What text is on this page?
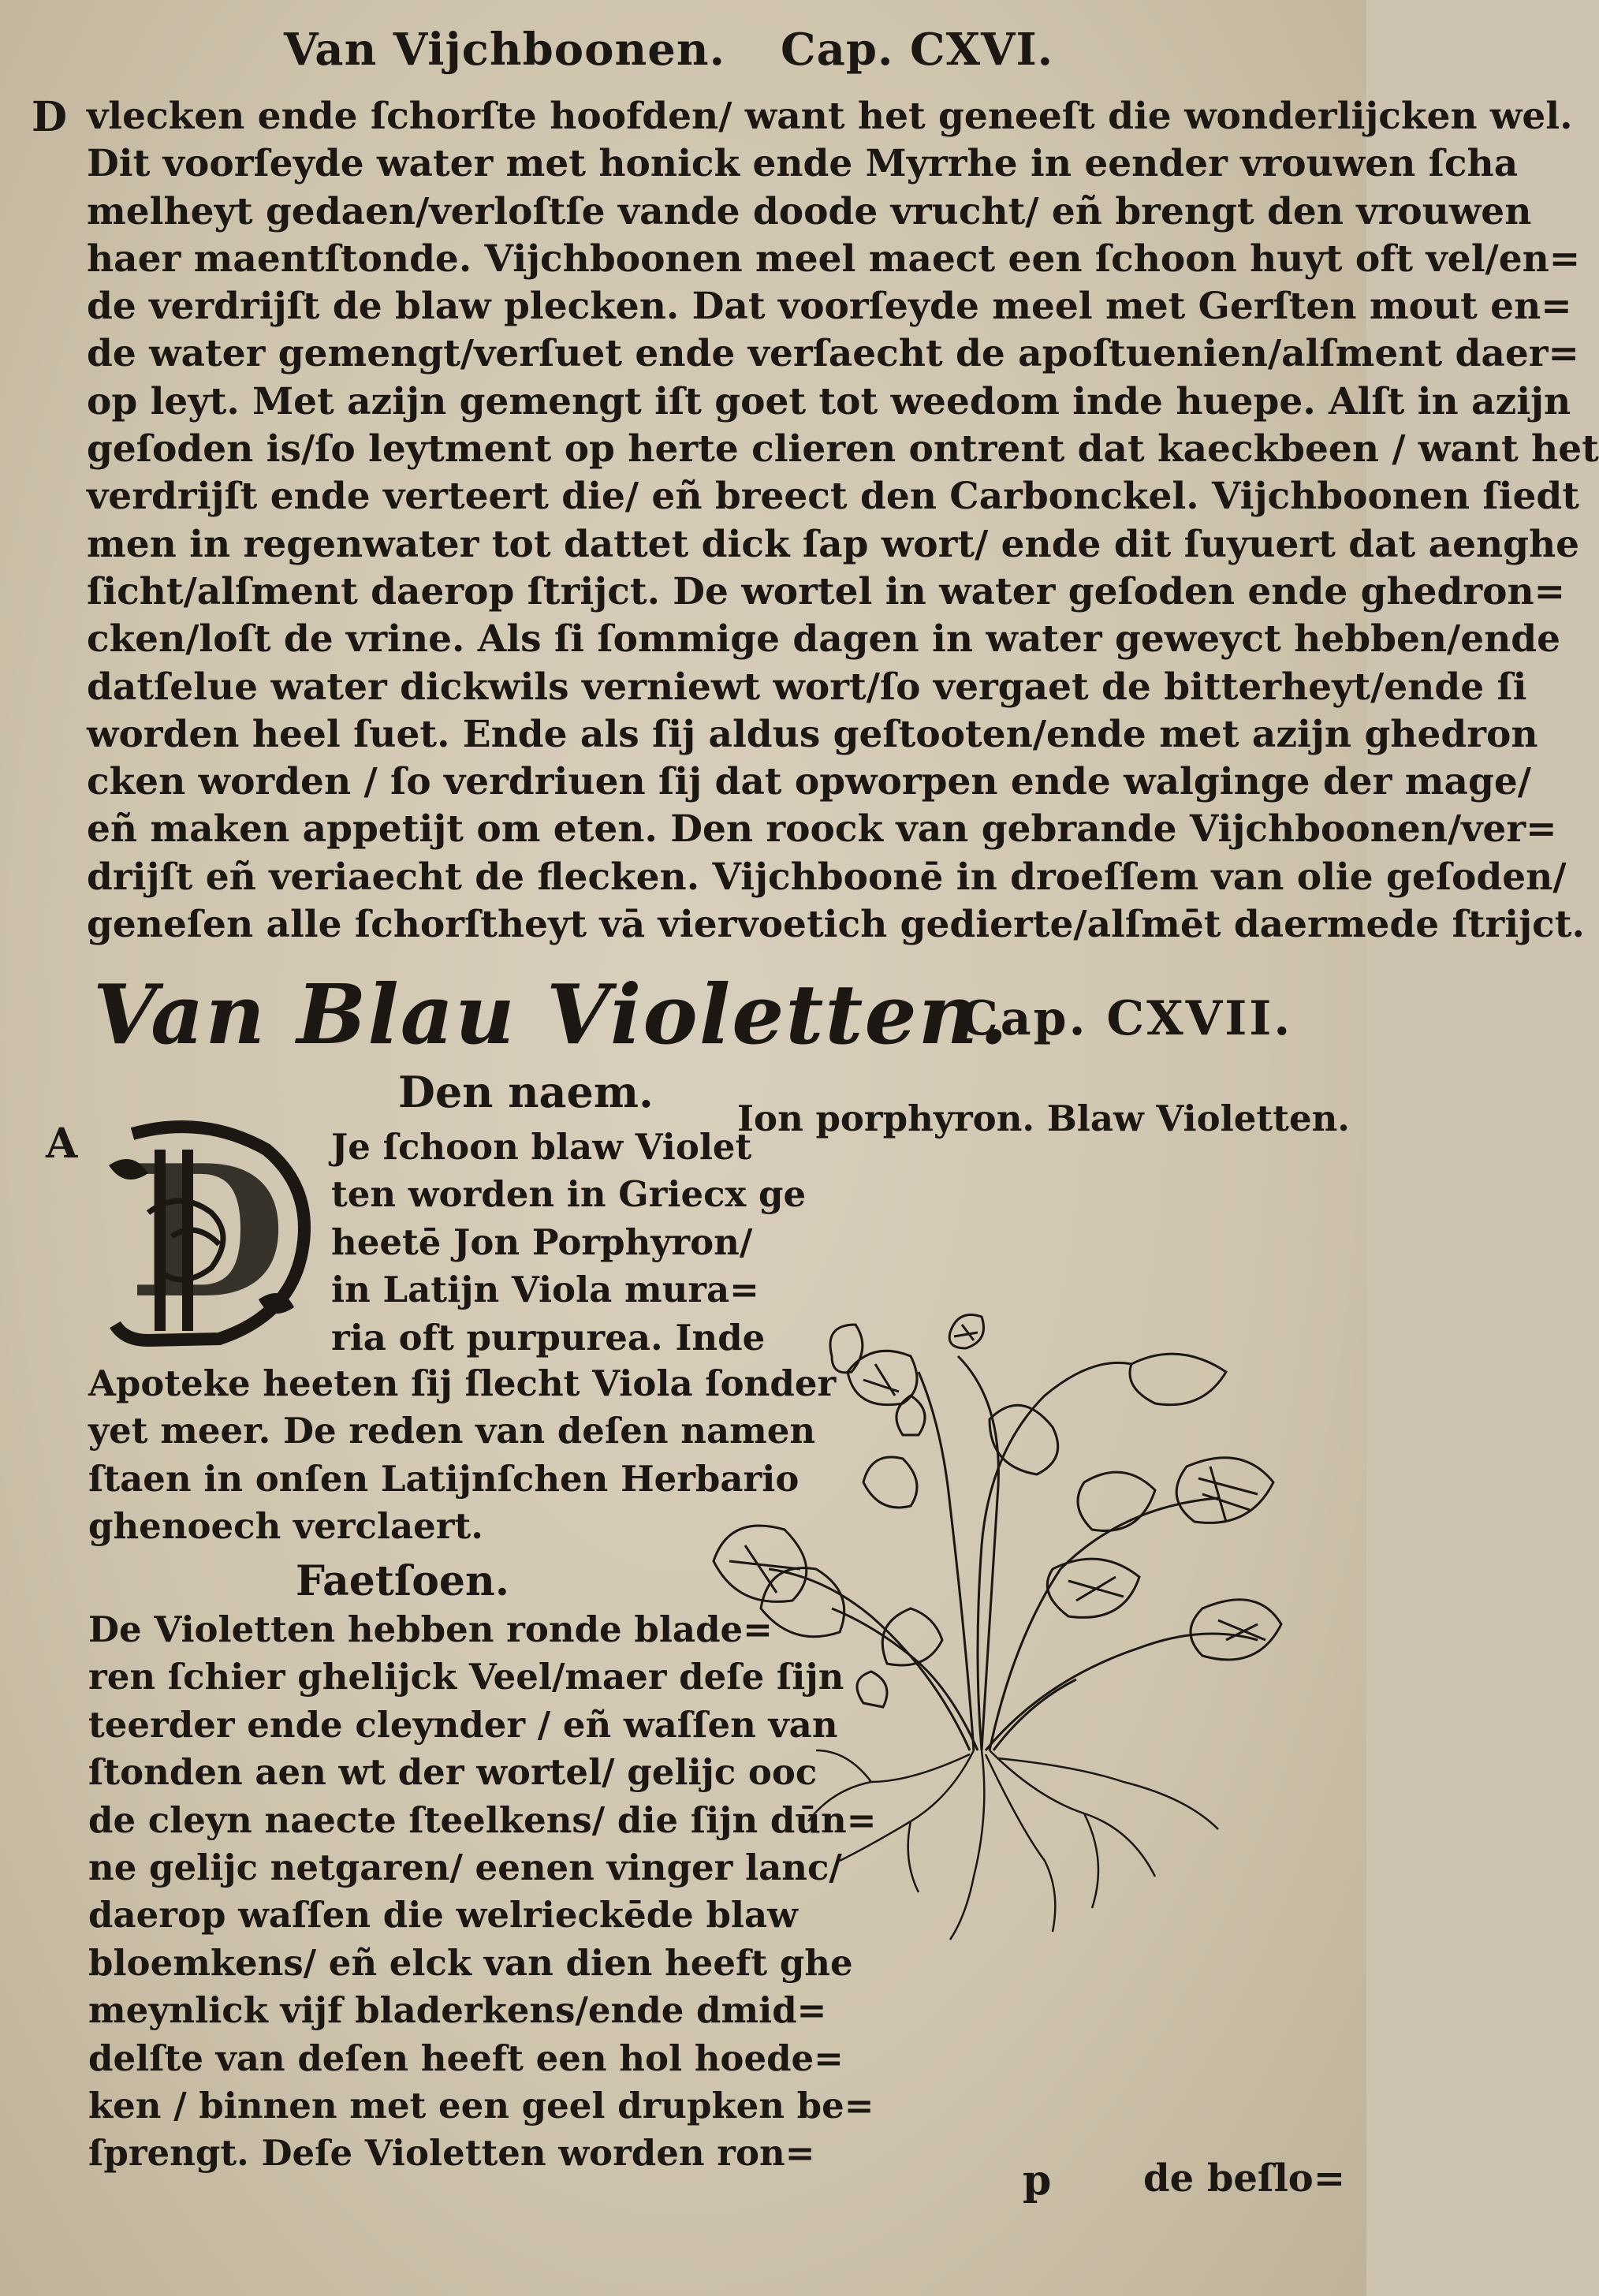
Van Vijchboonen. Cap. CXVI.
D vlecken ende ſchorſte hoofden/ want het geneeſt die wonderlijcken wel.
Dit voorſeyde water met honick ende Myrrhe in eender vrouwen ſcha
melheyt gedaen/verloſtſe vande doode vrucht/ eñ brengt den vrouwen
haer maentſtonde. Vijchboonen meel maect een ſchoon huyt oft vel/en=
de verdrijſt de blaw plecken. Dat voorſeyde meel met Gerſten mout en=
de water gemengt/verſuet ende verſaecht de apoſtuenien/alſment daer=
op leyt. Met azijn gemengt iſt goet tot weedom inde huepe. Alſt in azijn
geſoden is/ſo leytment op herte clieren ontrent dat kaeckbeen / want het
verdrijſt ende verteert die/ eñ breect den Carbonckel. Vijchboonen ſiedt
men in regenwater tot dattet dick ſap wort/ ende dit ſuyuert dat aenghe
ſicht/alſment daerop ſtrijct. De wortel in water geſoden ende ghedron=
cken/loſt de vrine. Als ſi ſommige dagen in water geweyct hebben/ende
datſelue water dickwils verniewt wort/ſo vergaet de bitterheyt/ende ſi
worden heel ſuet. Ende als ſij aldus geſtooten/ende met azijn ghedron
cken worden / ſo verdriuen ſij dat opworpen ende walginge der mage/
eñ maken appetijt om eten. Den roock van gebrande Vijchboonen/ver=
drijſt eñ veriaecht de flecken. Vijchboonē in droeſſem van olie geſoden/
geneſen alle ſchorſtheyt vā viervoetich gedierte/alſmēt daermede ſtrijct.
Van Blau Violetten.
Cap. CXVII.
Den naem.
Ion porphyron. Blaw Violetten.
A D Je ſchoon blaw Violet
ten worden in Griecx ge
heetē Jon Porphyron/
in Latijn Viola mura=
ria oft purpurea. Inde
Apoteke heeten ſij ſlecht Viola ſonder
yet meer. De reden van deſen namen
ſtaen in onſen Latijnſchen Herbario
ghenoech verclaert.
Faetſoen.
De Violetten hebben ronde blade=
ren ſchier ghelijck Veel/maer deſe ſijn
teerder ende cleynder / eñ waſſen van
ſtonden aen wt der wortel/ gelijc ooc
de cleyn naecte ſteelkens/ die ſijn dūn=
ne gelijc netgaren/ eenen vinger lanc/
daerop waſſen die welrieckēde blaw
bloemkens/ eñ elck van dien heeft ghe
meynlick vijf bladerkens/ende dmid=
delſte van deſen heeft een hol hoede=
ken / binnen met een geel drupken be=
ſprengt. Deſe Violetten worden ron=
p de beſlo=
